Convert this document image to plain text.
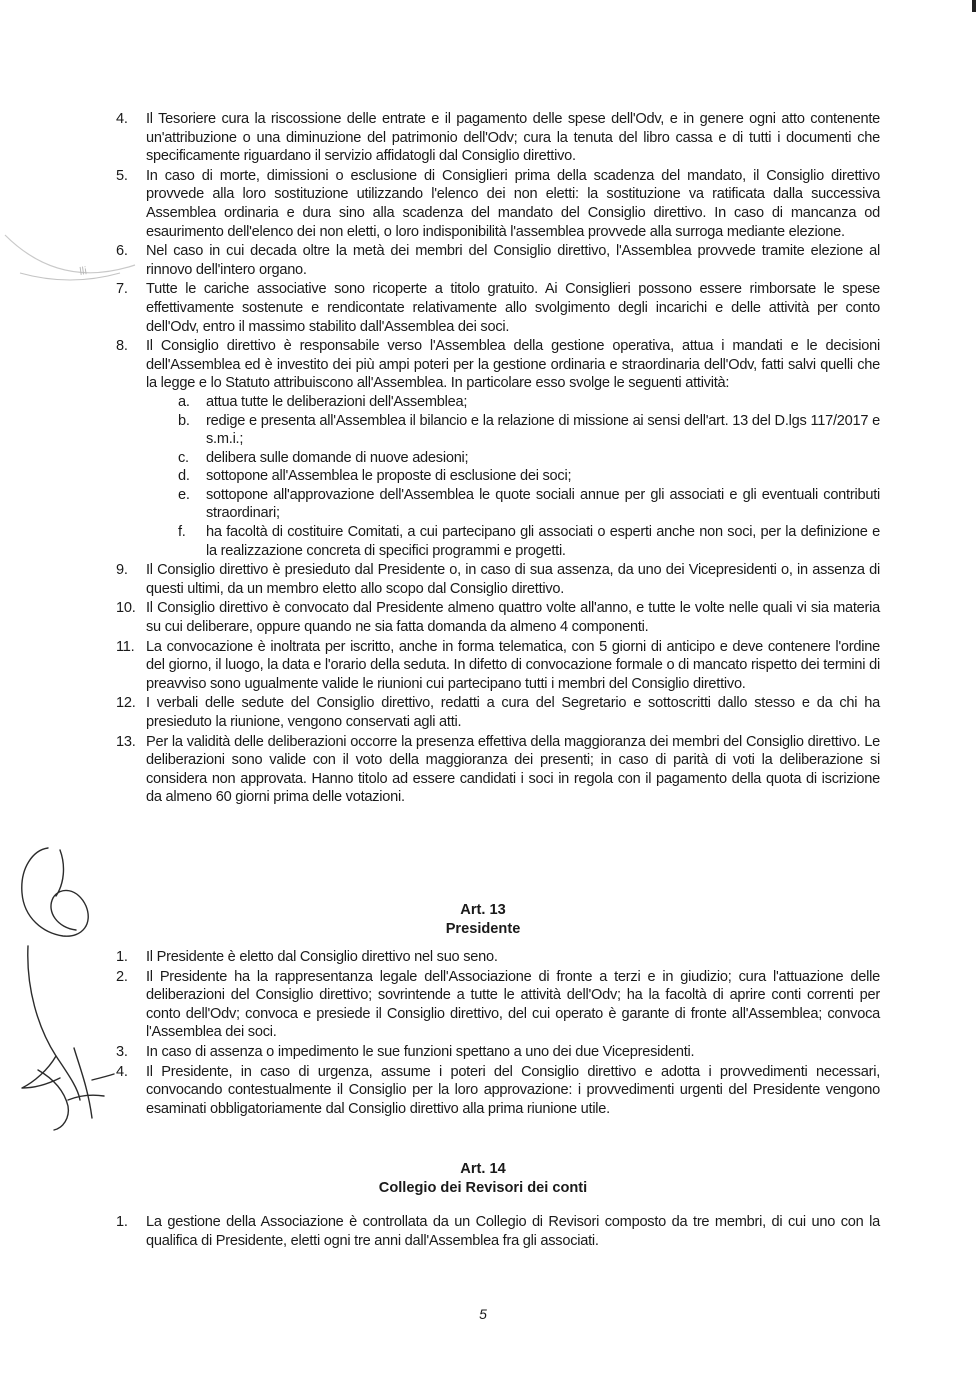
lli
4. Il Tesoriere cura la riscossione delle entrate e il pagamento delle spese dell'Odv, e in genere ogni atto contenente un'attribuzione o una diminuzione del patrimonio dell'Odv; cura la tenuta del libro cassa e di tutti i documenti che specificamente riguardano il servizio affidatogli dal Consiglio direttivo.
5. In caso di morte, dimissioni o esclusione di Consiglieri prima della scadenza del mandato, il Consiglio direttivo provvede alla loro sostituzione utilizzando l'elenco dei non eletti: la sostituzione va ratificata dalla successiva Assemblea ordinaria e dura sino alla scadenza del mandato del Consiglio direttivo. In caso di mancanza od esaurimento dell'elenco dei non eletti, o loro indisponibilità l'assemblea provvede alla surroga mediante elezione.
6. Nel caso in cui decada oltre la metà dei membri del Consiglio direttivo, l'Assemblea provvede tramite elezione al rinnovo dell'intero organo.
7. Tutte le cariche associative sono ricoperte a titolo gratuito. Ai Consiglieri possono essere rimborsate le spese effettivamente sostenute e rendicontate relativamente allo svolgimento degli incarichi e delle attività per conto dell'Odv, entro il massimo stabilito dall'Assemblea dei soci.
8. Il Consiglio direttivo è responsabile verso l'Assemblea della gestione operativa, attua i mandati e le decisioni dell'Assemblea ed è investito dei più ampi poteri per la gestione ordinaria e straordinaria dell'Odv, fatti salvi quelli che la legge e lo Statuto attribuiscono all'Assemblea. In particolare esso svolge le seguenti attività:
a. attua tutte le deliberazioni dell'Assemblea;
b. redige e presenta all'Assemblea il bilancio e la relazione di missione ai sensi dell'art. 13 del D.lgs 117/2017 e s.m.i.;
c. delibera sulle domande di nuove adesioni;
d. sottopone all'Assemblea le proposte di esclusione dei soci;
e. sottopone all'approvazione dell'Assemblea le quote sociali annue per gli associati e gli eventuali contributi straordinari;
f. ha facoltà di costituire Comitati, a cui partecipano gli associati o esperti anche non soci, per la definizione e la realizzazione concreta di specifici programmi e progetti.
9. Il Consiglio direttivo è presieduto dal Presidente o, in caso di sua assenza, da uno dei Vicepresidenti o, in assenza di questi ultimi, da un membro eletto allo scopo dal Consiglio direttivo.
10. Il Consiglio direttivo è convocato dal Presidente almeno quattro volte all'anno, e tutte le volte nelle quali vi sia materia su cui deliberare, oppure quando ne sia fatta domanda da almeno 4 componenti.
11. La convocazione è inoltrata per iscritto, anche in forma telematica, con 5 giorni di anticipo e deve contenere l'ordine del giorno, il luogo, la data e l'orario della seduta. In difetto di convocazione formale o di mancato rispetto dei termini di preavviso sono ugualmente valide le riunioni cui partecipano tutti i membri del Consiglio direttivo.
12. I verbali delle sedute del Consiglio direttivo, redatti a cura del Segretario e sottoscritti dallo stesso e da chi ha presieduto la riunione, vengono conservati agli atti.
13. Per la validità delle deliberazioni occorre la presenza effettiva della maggioranza dei membri del Consiglio direttivo. Le deliberazioni sono valide con il voto della maggioranza dei presenti; in caso di parità di voti la deliberazione si considera non approvata. Hanno titolo ad essere candidati i soci in regola con il pagamento della quota di iscrizione da almeno 60 giorni prima delle votazioni.
Art. 13
Presidente
1. Il Presidente è eletto dal Consiglio direttivo nel suo seno.
2. Il Presidente ha la rappresentanza legale dell'Associazione di fronte a terzi e in giudizio; cura l'attuazione delle deliberazioni del Consiglio direttivo; sovrintende a tutte le attività dell'Odv; ha la facoltà di aprire conti correnti per conto dell'Odv; convoca e presiede il Consiglio direttivo, del cui operato è garante di fronte all'Assemblea; convoca l'Assemblea dei soci.
3. In caso di assenza o impedimento le sue funzioni spettano a uno dei due Vicepresidenti.
4. Il Presidente, in caso di urgenza, assume i poteri del Consiglio direttivo e adotta i provvedimenti necessari, convocando contestualmente il Consiglio per la loro approvazione: i provvedimenti urgenti del Presidente vengono esaminati obbligatoriamente dal Consiglio direttivo alla prima riunione utile.
Art. 14
Collegio dei Revisori dei conti
1. La gestione della Associazione è controllata da un Collegio di Revisori composto da tre membri, di cui uno con la qualifica di Presidente, eletti ogni tre anni dall'Assemblea fra gli associati.
5
